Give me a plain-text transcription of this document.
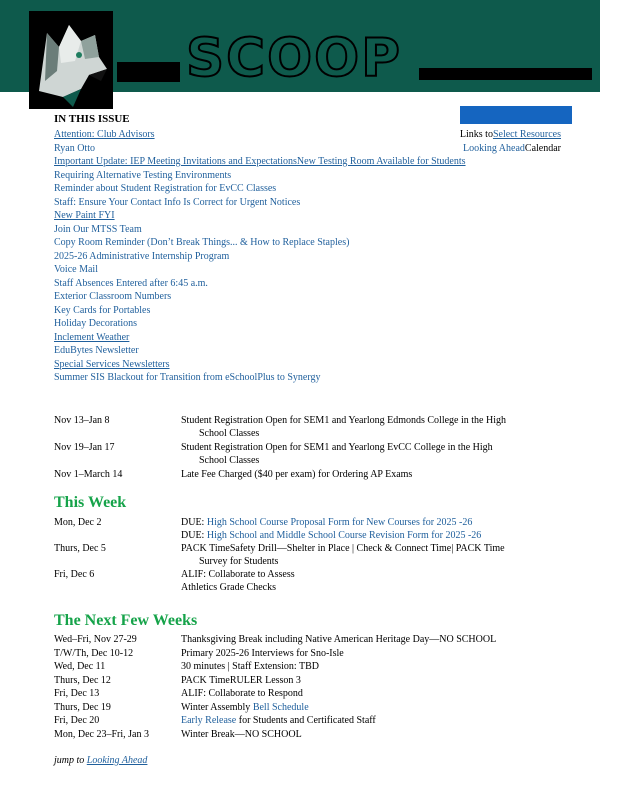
SCOOP
IN THIS ISSUE
Links toSelect Resources
Looking AheadCalendar
Attention: Club Advisors
Ryan Otto
Important Update: IEP Meeting Invitations and ExpectationsNew Testing Room Available for Students
Requiring Alternative Testing Environments
Reminder about Student Registration for EvCC Classes
Staff: Ensure Your Contact Info Is Correct for Urgent Notices
New Paint FYI
Join Our MTSS Team
Copy Room Reminder (Don’t Break Things... & How to Replace Staples)
2025-26 Administrative Internship Program
Voice Mail
Staff Absences Entered after 6:45 a.m.
Exterior Classroom Numbers
Key Cards for Portables
Holiday Decorations
Inclement Weather
EduBytes Newsletter
Special Services Newsletters
Summer SIS Blackout for Transition from eSchoolPlus to Synergy
Nov 13–Jan 8	Student Registration Open for SEM1 and Yearlong Edmonds College in the High
School Classes
Nov 19–Jan 17	Student Registration Open for SEM1 and Yearlong EvCC College in the High
School Classes
Nov 1–March 14	Late Fee Charged ($40 per exam) for Ordering AP Exams
This Week
Mon, Dec 2	DUE: High School Course Proposal Form for New Courses for 2025 -26
DUE: High School and Middle School Course Revision Form for 2025 -26
Thurs, Dec 5	PACK TimeSafety Drill—Shelter in Place | Check & Connect Time| PACK Time
Survey for Students
Fri, Dec 6	ALIF: Collaborate to Assess
Athletics Grade Checks
The Next Few Weeks
Wed–Fri, Nov 27-29	Thanksgiving Break including Native American Heritage Day—NO SCHOOL
T/W/Th, Dec 10-12	Primary 2025-26 Interviews for Sno-Isle
Wed, Dec 11	30 minutes | Staff Extension: TBD
Thurs, Dec 12	PACK TimeRULER Lesson 3
Fri, Dec 13	ALIF: Collaborate to Respond
Thurs, Dec 19	Winter Assembly Bell Schedule
Fri, Dec 20	Early Release for Students and Certificated Staff
Mon, Dec 23–Fri, Jan 3	Winter Break—NO SCHOOL
jump to Looking Ahead
